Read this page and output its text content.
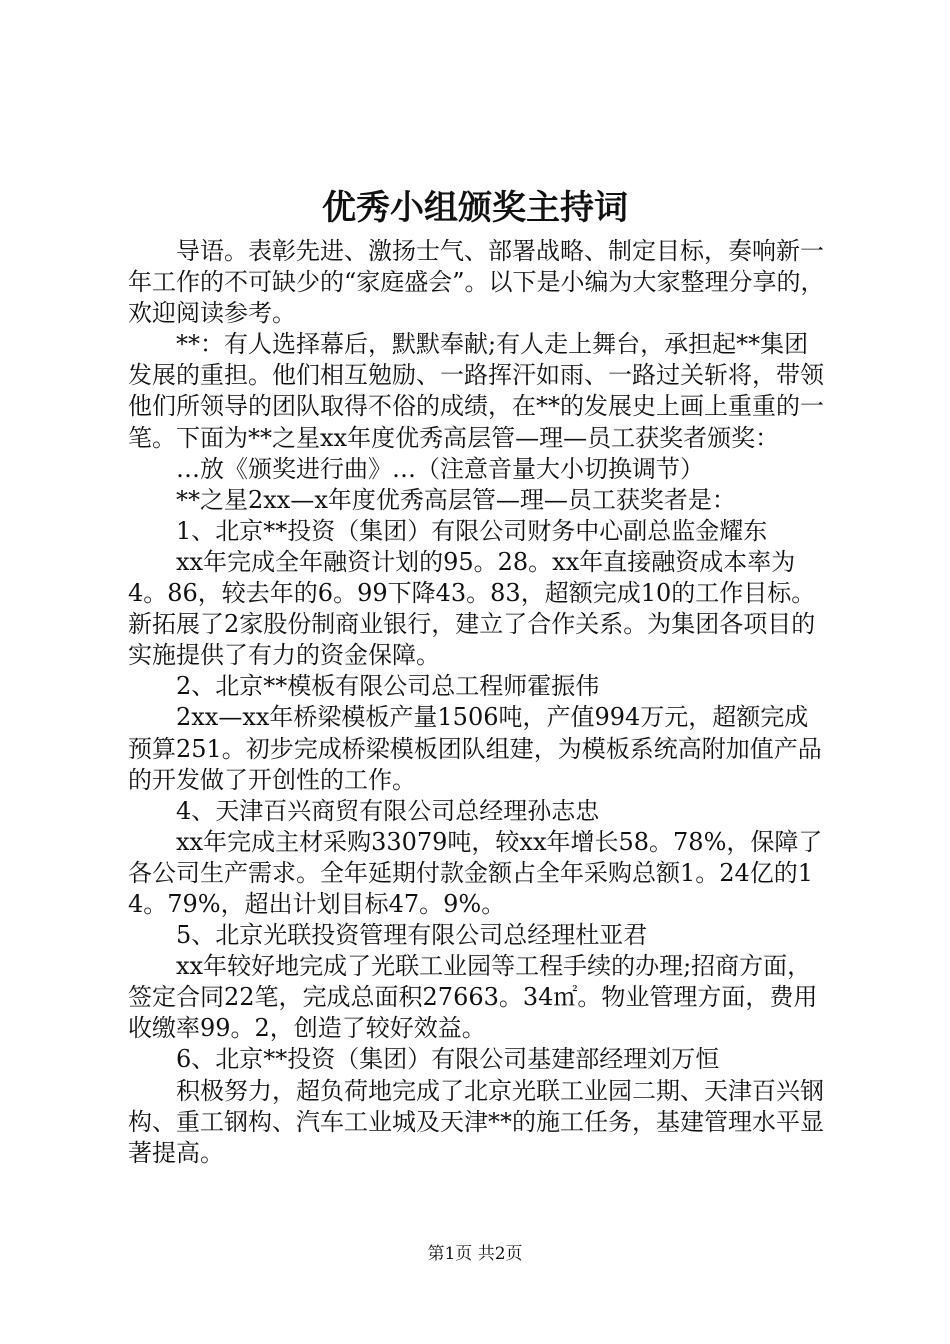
优秀小组颁奖主持词

导语。表彰先进、激扬士气、部署战略、制定目标，奏响新一年工作的不可缺少的“家庭盛会”。以下是小编为大家整理分享的，欢迎阅读参考。

**：有人选择幕后，默默奉献;有人走上舞台，承担起**集团发展的重担。他们相互勉励、一路挥汗如雨、一路过关斩将，带领他们所领导的团队取得不俗的成绩，在**的发展史上画上重重的一笔。下面为**之星xx年度优秀高层管—理—员工获奖者颁奖：

…放《颁奖进行曲》…（注意音量大小切换调节）

**之星2xx—x年度优秀高层管—理—员工获奖者是：

1、北京**投资（集团）有限公司财务中心副总监金耀东

xx年完成全年融资计划的95。28。xx年直接融资成本率为4。86，较去年的6。99下降43。83，超额完成10的工作目标。新拓展了2家股份制商业银行，建立了合作关系。为集团各项目的实施提供了有力的资金保障。

2、北京**模板有限公司总工程师霍振伟

2xx—xx年桥梁模板产量1506吨，产值994万元，超额完成预算251。初步完成桥梁模板团队组建，为模板系统高附加值产品的开发做了开创性的工作。

4、天津百兴商贸有限公司总经理孙志忠

xx年完成主材采购33079吨，较xx年增长58。78%，保障了各公司生产需求。全年延期付款金额占全年采购总额1。24亿的14。79%，超出计划目标47。9%。

5、北京光联投资管理有限公司总经理杜亚君

xx年较好地完成了光联工业园等工程手续的办理;招商方面，签定合同22笔，完成总面积27663。34㎡。物业管理方面，费用收缴率99。2，创造了较好效益。

6、北京**投资（集团）有限公司基建部经理刘万恒

积极努力，超负荷地完成了北京光联工业园二期、天津百兴钢构、重工钢构、汽车工业城及天津**的施工任务，基建管理水平显著提高。

第1页 共2页
